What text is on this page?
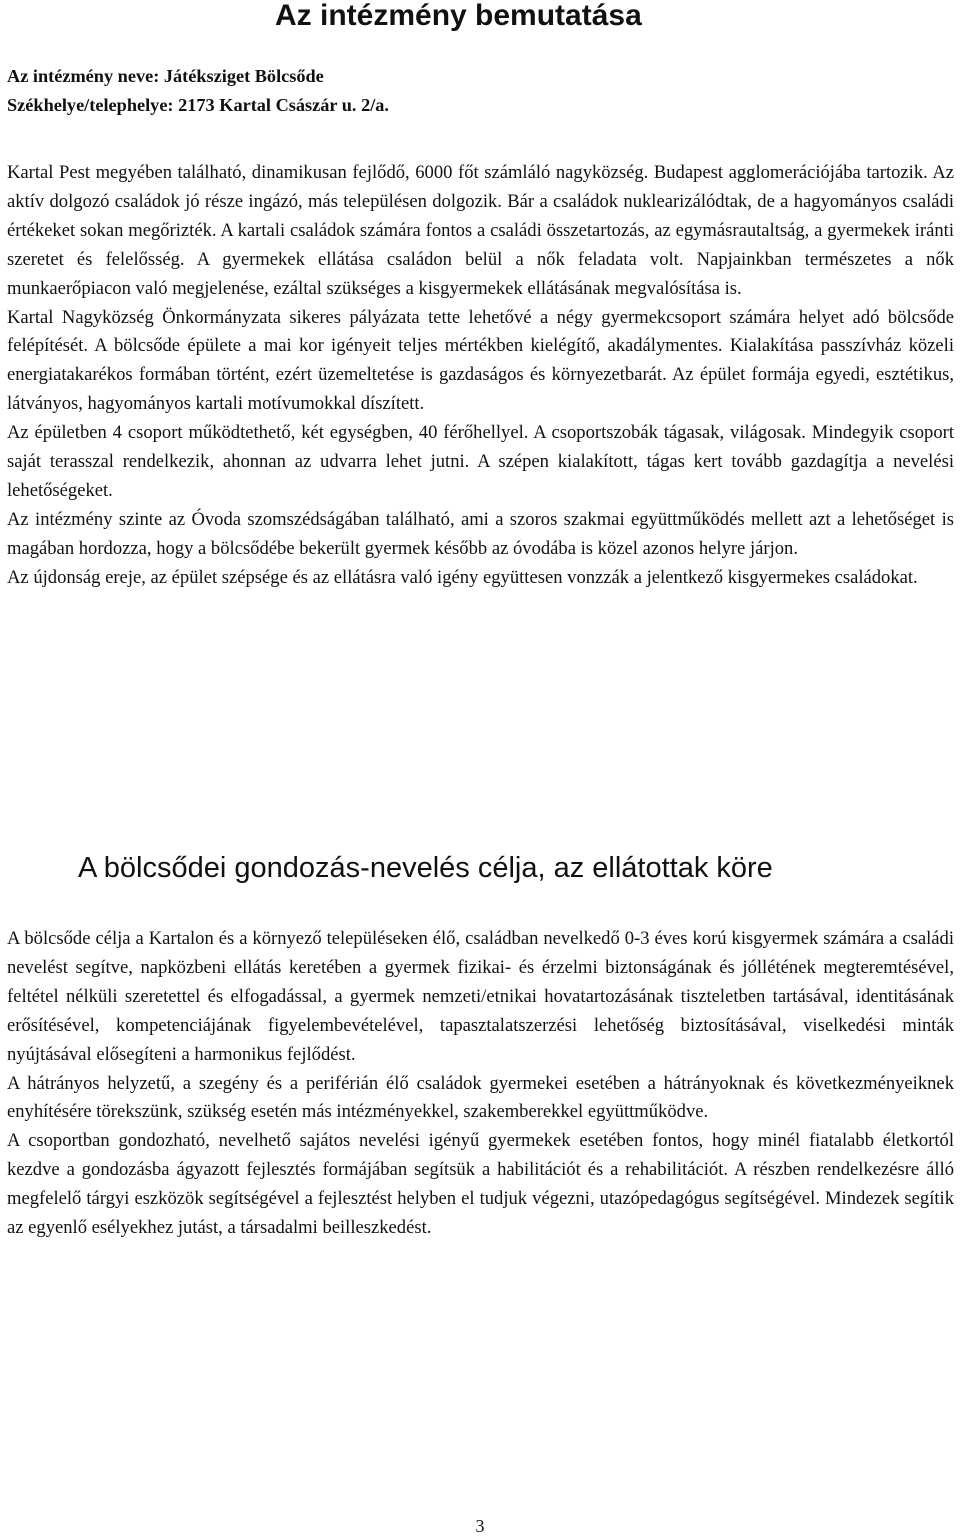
Az intézmény bemutatása
Az intézmény neve: Játéksziget Bölcsőde
Székhelye/telephelye: 2173 Kartal Császár u. 2/a.

Kartal Pest megyében található, dinamikusan fejlődő, 6000 főt számláló nagyközség. Budapest agglomerációjába tartozik. Az aktív dolgozó családok jó része ingázó, más településen dolgozik. Bár a családok nuklearizálódtak, de a hagyományos családi értékeket sokan megőrizték. A kartali családok számára fontos a családi összetartozás, az egymásrautaltság, a gyermekek iránti szeretet és felelősség. A gyermekek ellátása családon belül a nők feladata volt. Napjainkban természetes a nők munkaerőpiacon való megjelenése, ezáltal szükséges a kisgyermekek ellátásának megvalósítása is.

Kartal Nagyközség Önkormányzata sikeres pályázata tette lehetővé a négy gyermekcsoport számára helyet adó bölcsőde felépítését. A bölcsőde épülete a mai kor igényeit teljes mértékben kielégítő, akadálymentes. Kialakítása passzívház közeli energiatakarékos formában történt, ezért üzemeltetése is gazdaságos és környezetbarát. Az épület formája egyedi, esztétikus, látványos, hagyományos kartali motívumokkal díszített.

Az épületben 4 csoport működtethető, két egységben, 40 férőhellyel. A csoportszobák tágasak, világosak. Mindegyik csoport saját terasszal rendelkezik, ahonnan az udvarra lehet jutni. A szépen kialakított, tágas kert tovább gazdagítja a nevelési lehetőségeket.

Az intézmény szinte az Óvoda szomszédságában található, ami a szoros szakmai együttműködés mellett azt a lehetőséget is magában hordozza, hogy a bölcsődébe bekerült gyermek később az óvodába is közel azonos helyre járjon.

Az újdonság ereje, az épület szépsége és az ellátásra való igény együttesen vonzzák a jelentkező kisgyermekes családokat.

A bölcsődei gondozás-nevelés célja, az ellátottak köre

A bölcsőde célja a Kartalon és a környező településeken élő, családban nevelkedő 0-3 éves korú kisgyermek számára a családi nevelést segítve, napközbeni ellátás keretében a gyermek fizikai- és érzelmi biztonságának és jóllétének megteremtésével, feltétel nélküli szeretettel és elfogadással, a gyermek nemzeti/etnikai hovatartozásának tiszteletben tartásával, identitásának erősítésével, kompetenciájának figyelembevételével, tapasztalatszerzési lehetőség biztosításával, viselkedési minták nyújtásával elősegíteni a harmonikus fejlődést.

A hátrányos helyzetű, a szegény és a periférián élő családok gyermekei esetében a hátrányoknak és következményeiknek enyhítésére törekszünk, szükség esetén más intézményekkel, szakemberekkel együttműködve.

A csoportban gondozható, nevelhető sajátos nevelési igényű gyermekek esetében fontos, hogy minél fiatalabb életkortól kezdve a gondozásba ágyazott fejlesztés formájában segítsük a habilitációt és a rehabilitációt. A részben rendelkezésre álló megfelelő tárgyi eszközök segítségével a fejlesztést helyben el tudjuk végezni, utazópedagógus segítségével. Mindezek segítik az egyenlő esélyekhez jutást, a társadalmi beilleszkedést.

3
